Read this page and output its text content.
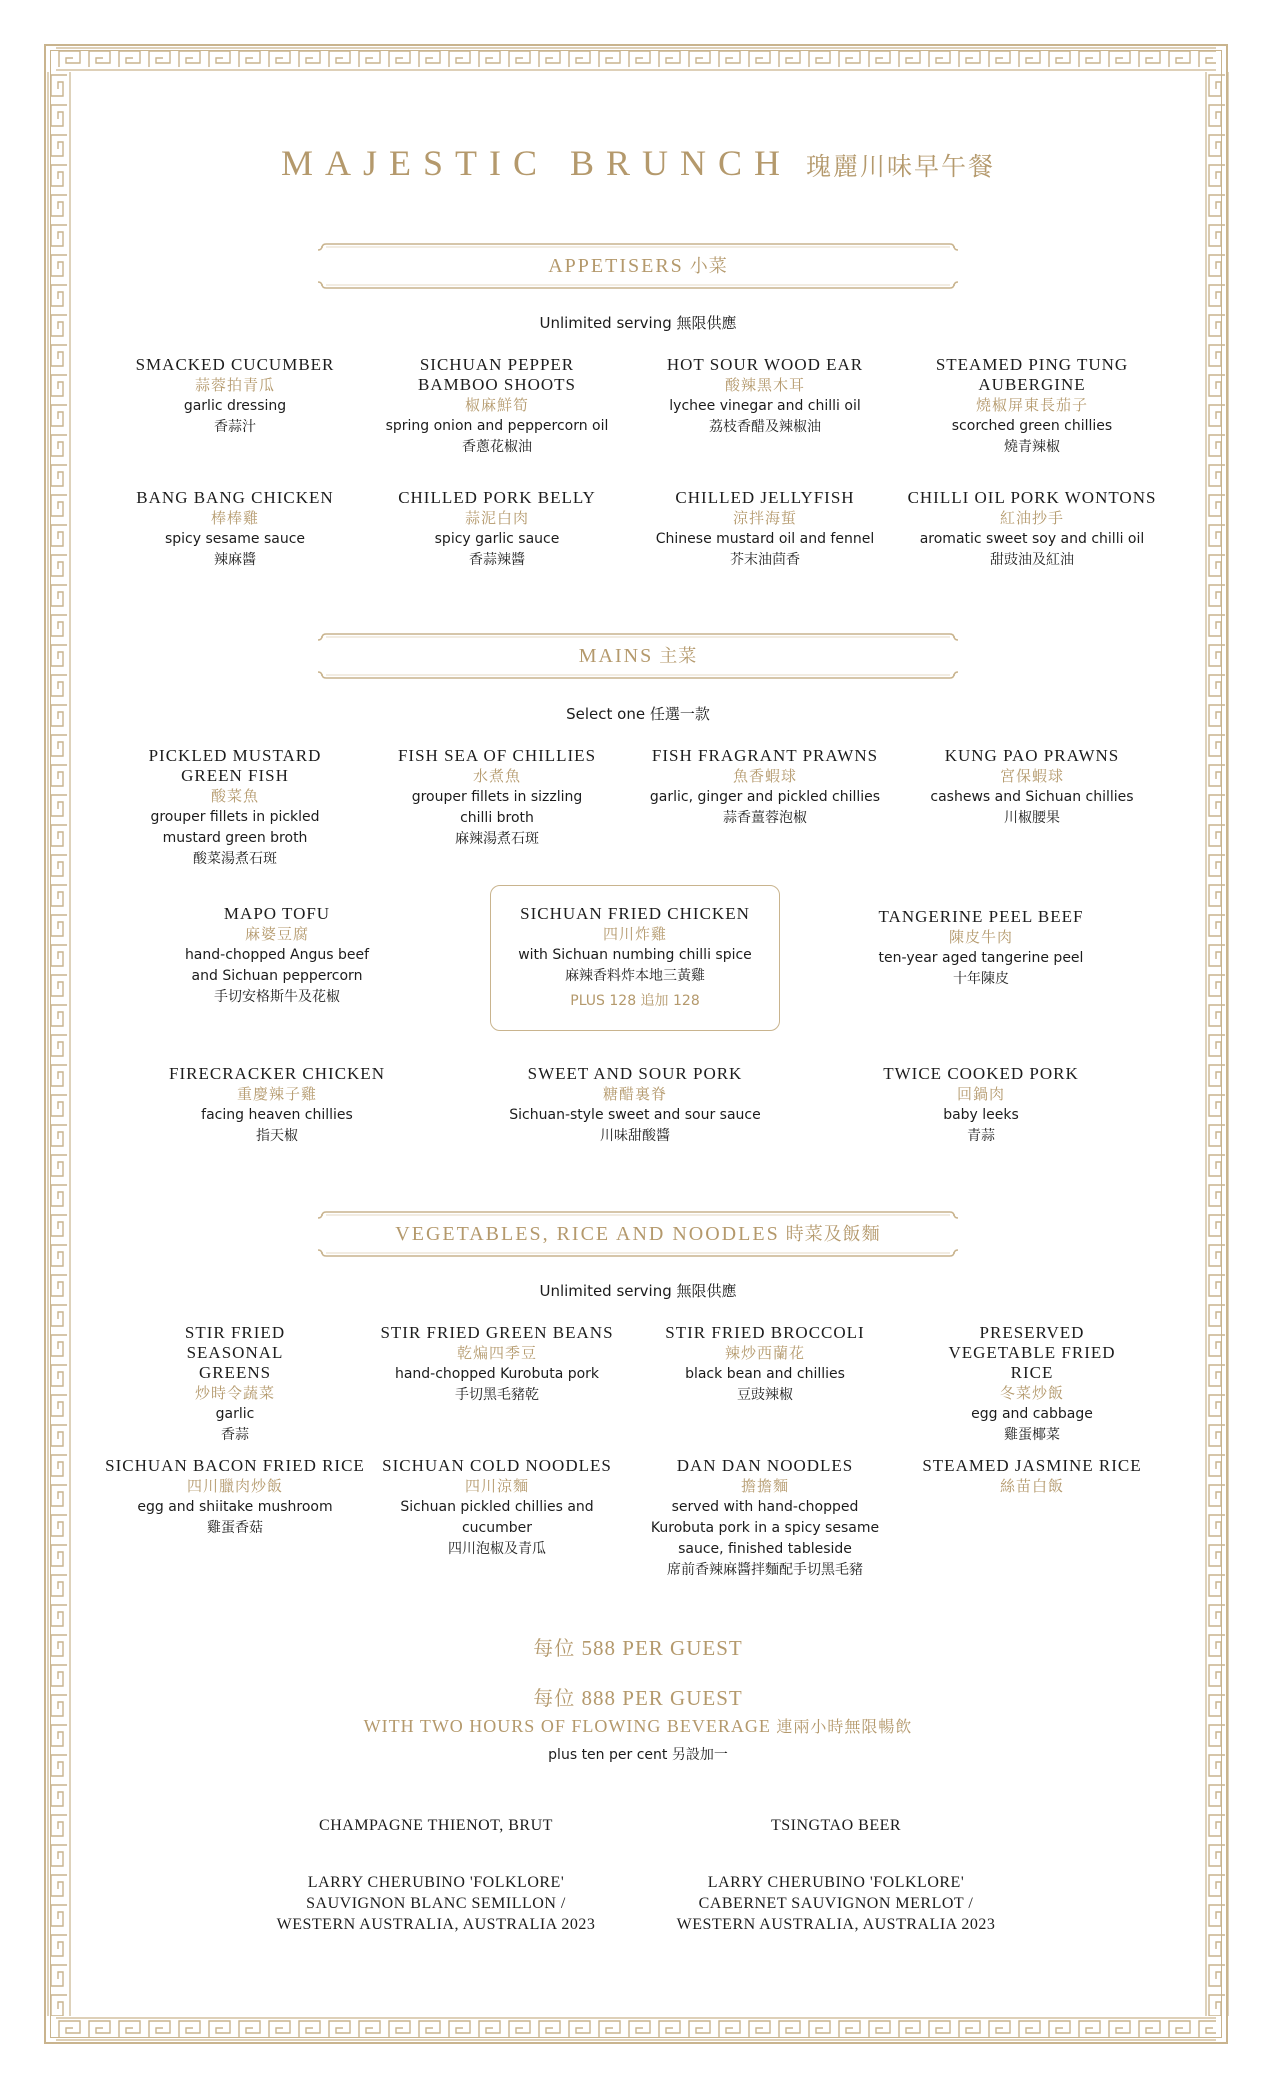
MAJESTIC BRUNCH 瑰麗川味早午餐
APPETISERS 小菜
Unlimited serving 無限供應
SMACKED CUCUMBER
蒜蓉拍青瓜
garlic dressing
香蒜汁
SICHUAN PEPPER BAMBOO SHOOTS
椒麻鮮筍
spring onion and peppercorn oil
香蔥花椒油
HOT SOUR WOOD EAR
酸辣黑木耳
lychee vinegar and chilli oil
荔枝香醋及辣椒油
STEAMED PING TUNG AUBERGINE
燒椒屏東長茄子
scorched green chillies
燒青辣椒
BANG BANG CHICKEN
棒棒雞
spicy sesame sauce
辣麻醬
CHILLED PORK BELLY
蒜泥白肉
spicy garlic sauce
香蒜辣醬
CHILLED JELLYFISH
涼拌海蜇
Chinese mustard oil and fennel
芥末油茴香
CHILLI OIL PORK WONTONS
紅油抄手
aromatic sweet soy and chilli oil
甜豉油及紅油
MAINS 主菜
Select one 任選一款
PICKLED MUSTARD GREEN FISH
酸菜魚
grouper fillets in pickled mustard green broth
酸菜湯煮石斑
FISH SEA OF CHILLIES
水煮魚
grouper fillets in sizzling chilli broth
麻辣湯煮石斑
FISH FRAGRANT PRAWNS
魚香蝦球
garlic, ginger and pickled chillies
蒜香薑蓉泡椒
KUNG PAO PRAWNS
宮保蝦球
cashews and Sichuan chillies
川椒腰果
MAPO TOFU
麻婆豆腐
hand-chopped Angus beef and Sichuan peppercorn
手切安格斯牛及花椒
SICHUAN FRIED CHICKEN
四川炸雞
with Sichuan numbing chilli spice
麻辣香料炸本地三黃雞
PLUS 128 追加 128
TANGERINE PEEL BEEF
陳皮牛肉
ten-year aged tangerine peel
十年陳皮
FIRECRACKER CHICKEN
重慶辣子雞
facing heaven chillies
指天椒
SWEET AND SOUR PORK
糖醋裏脊
Sichuan-style sweet and sour sauce
川味甜酸醬
TWICE COOKED PORK
回鍋肉
baby leeks
青蒜
VEGETABLES, RICE AND NOODLES 時菜及飯麵
Unlimited serving 無限供應
STIR FRIED SEASONAL GREENS
炒時令蔬菜
garlic
香蒜
STIR FRIED GREEN BEANS
乾煸四季豆
hand-chopped Kurobuta pork
手切黑毛豬乾
STIR FRIED BROCCOLI
辣炒西蘭花
black bean and chillies
豆豉辣椒
PRESERVED VEGETABLE FRIED RICE
冬菜炒飯
egg and cabbage
雞蛋椰菜
SICHUAN BACON FRIED RICE
四川臘肉炒飯
egg and shiitake mushroom
雞蛋香菇
SICHUAN COLD NOODLES
四川涼麵
Sichuan pickled chillies and cucumber
四川泡椒及青瓜
DAN DAN NOODLES
擔擔麵
served with hand-chopped Kurobuta pork in a spicy sesame sauce, finished tableside
席前香辣麻醬拌麵配手切黑毛豬
STEAMED JASMINE RICE
絲苗白飯
每位 588 PER GUEST
每位 888 PER GUEST
WITH TWO HOURS OF FLOWING BEVERAGE 連兩小時無限暢飲
plus ten per cent 另設加一
CHAMPAGNE THIENOT, BRUT	TSINGTAO BEER
LARRY CHERUBINO 'FOLKLORE'
SAUVIGNON BLANC SEMILLON /
WESTERN AUSTRALIA, AUSTRALIA 2023
LARRY CHERUBINO 'FOLKLORE'
CABERNET SAUVIGNON MERLOT /
WESTERN AUSTRALIA, AUSTRALIA 2023
